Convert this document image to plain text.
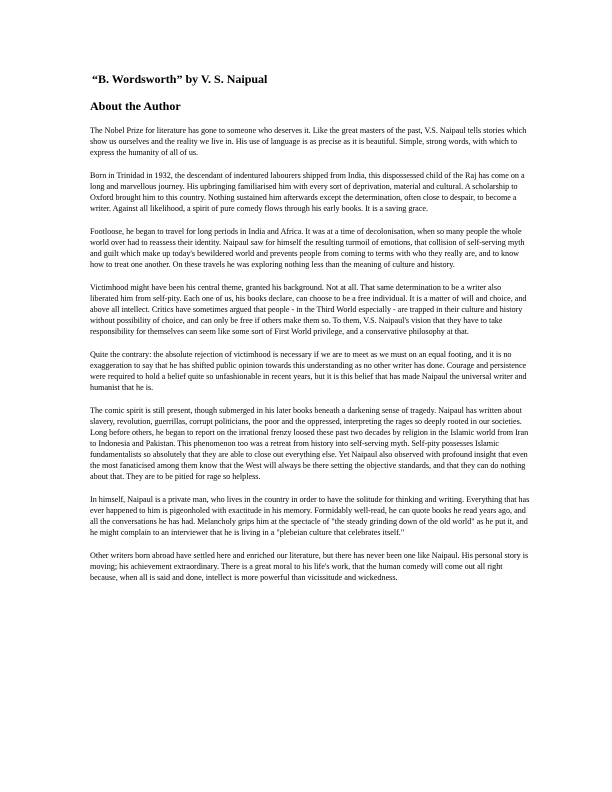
“B. Wordsworth” by V. S. Naipual
About the Author

The Nobel Prize for literature has gone to someone who deserves it. Like the great masters of the past, V.S. Naipaul tells stories which show us ourselves and the reality we live in. His use of language is as precise as it is beautiful. Simple, strong words, with which to express the humanity of all of us.

Born in Trinidad in 1932, the descendant of indentured labourers shipped from India, this dispossessed child of the Raj has come on a long and marvellous journey. His upbringing familiarised him with every sort of deprivation, material and cultural. A scholarship to Oxford brought him to this country. Nothing sustained him afterwards except the determination, often close to despair, to become a writer. Against all likelihood, a spirit of pure comedy flows through his early books. It is a saving grace.

Footloose, he began to travel for long periods in India and Africa. It was at a time of decolonisation, when so many people the whole world over had to reassess their identity. Naipaul saw for himself the resulting turmoil of emotions, that collision of self-serving myth and guilt which make up today's bewildered world and prevents people from coming to terms with who they really are, and to know how to treat one another. On these travels he was exploring nothing less than the meaning of culture and history.

Victimhood might have been his central theme, granted his background. Not at all. That same determination to be a writer also liberated him from self-pity. Each one of us, his books declare, can choose to be a free individual. It is a matter of will and choice, and above all intellect. Critics have sometimes argued that people - in the Third World especially - are trapped in their culture and history without possibility of choice, and can only be free if others make them so. To them, V.S. Naipaul's vision that they have to take responsibility for themselves can seem like some sort of First World privilege, and a conservative philosophy at that.

Quite the contrary: the absolute rejection of victimhood is necessary if we are to meet as we must on an equal footing, and it is no exaggeration to say that he has shifted public opinion towards this understanding as no other writer has done. Courage and persistence were required to hold a belief quite so unfashionable in recent years, but it is this belief that has made Naipaul the universal writer and humanist that he is.

The comic spirit is still present, though submerged in his later books beneath a darkening sense of tragedy. Naipaul has written about slavery, revolution, guerrillas, corrupt politicians, the poor and the oppressed, interpreting the rages so deeply rooted in our societies. Long before others, he began to report on the irrational frenzy loosed these past two decades by religion in the Islamic world from Iran to Indonesia and Pakistan. This phenomenon too was a retreat from history into self-serving myth. Self-pity possesses Islamic fundamentalists so absolutely that they are able to close out everything else. Yet Naipaul also observed with profound insight that even the most fanaticised among them know that the West will always be there setting the objective standards, and that they can do nothing about that. They are to be pitied for rage so helpless.

In himself, Naipaul is a private man, who lives in the country in order to have the solitude for thinking and writing. Everything that has ever happened to him is pigeonholed with exactitude in his memory. Formidably well-read, he can quote books he read years ago, and all the conversations he has had. Melancholy grips him at the spectacle of "the steady grinding down of the old world" as he put it, and he might complain to an interviewer that he is living in a "plebeian culture that celebrates itself."

Other writers born abroad have settled here and enriched our literature, but there has never been one like Naipaul. His personal story is moving; his achievement extraordinary. There is a great moral to his life's work, that the human comedy will come out all right because, when all is said and done, intellect is more powerful than vicissitude and wickedness.
